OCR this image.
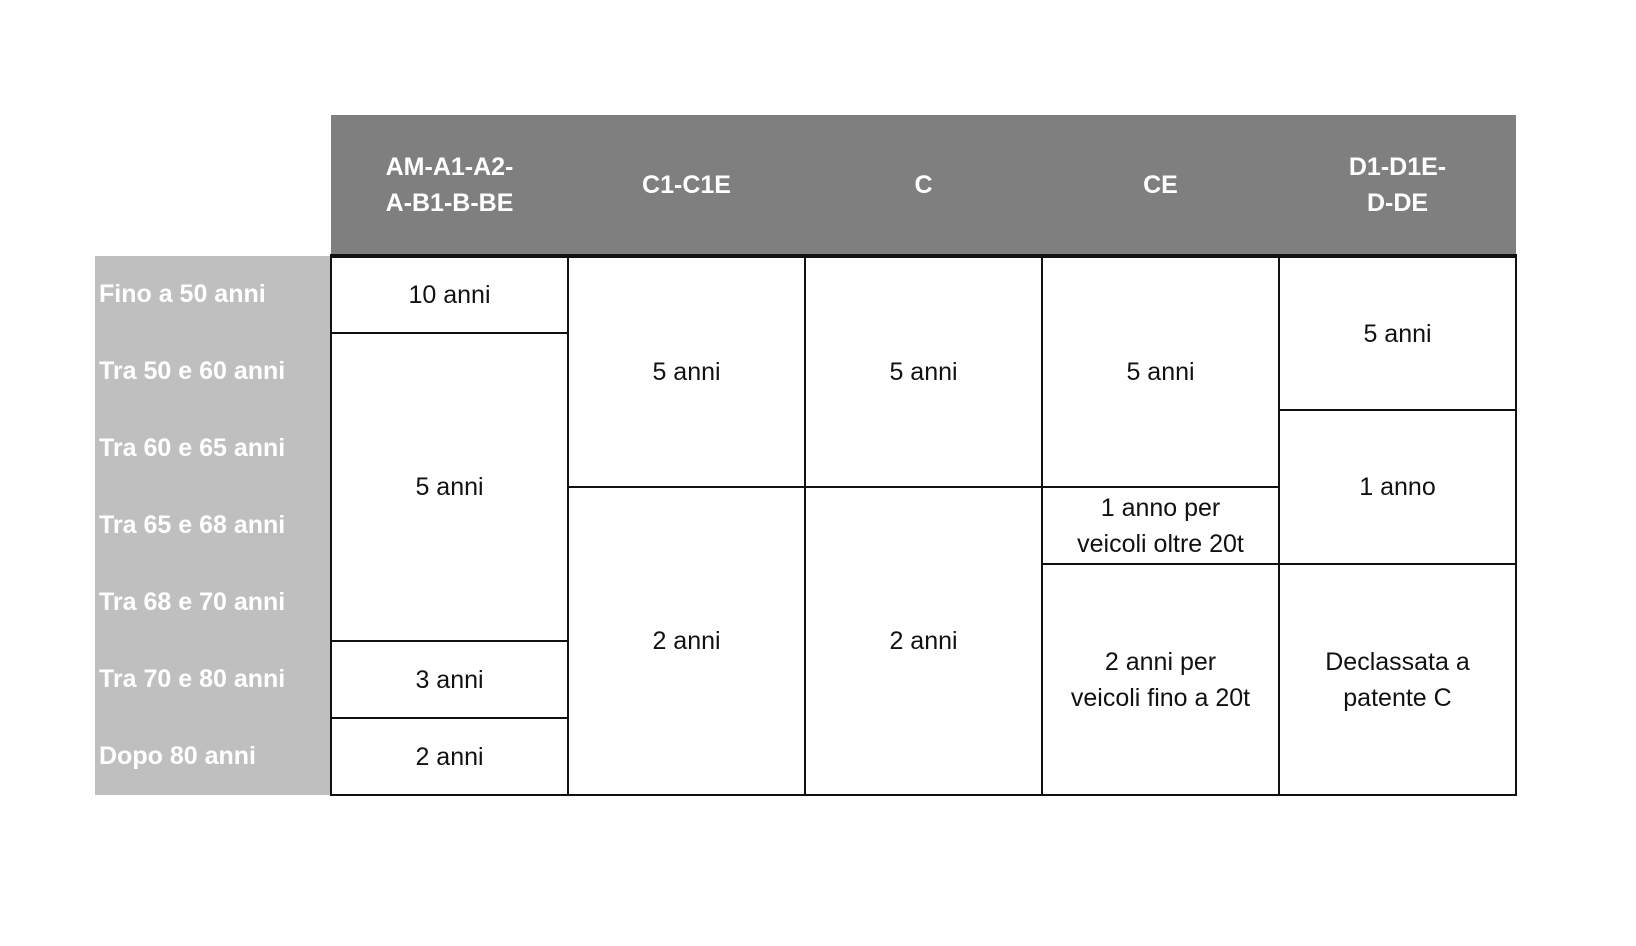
	AM-A1-A2-
A-B1-B-BE	C1-C1E	C	CE	D1-D1E-
D-DE
Fino a 50 anni	10 anni	5 anni	5 anni	5 anni	5 anni
Tra 50 e 60 anni	5 anni				
Tra 60 e 65 anni					1 anno
Tra 65 e 68 anni		2 anni	2 anni	1 anno per
veicoli oltre 20t	
Tra 68 e 70 anni				2 anni per
veicoli fino a 20t	Declassata a
patente C
Tra 70 e 80 anni	3 anni				
Dopo 80 anni	2 anni				
